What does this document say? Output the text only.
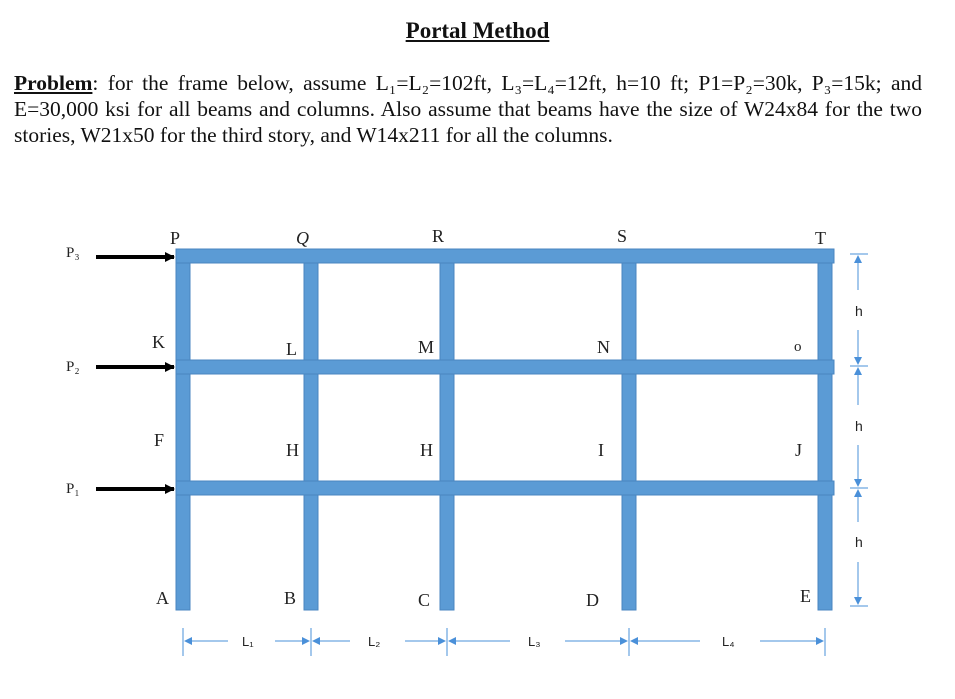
Portal Method
Problem: for the frame below, assume L₁=L₂=102ft, L₃=L₄=12ft, h=10 ft; P1=P₂=30k, P₃=15k; and E=30,000 ksi for all beams and columns. Also assume that beams have the size of W24x84 for the two stories, W21x50 for the third story, and W14x211 for all the columns.
P₃
P₂
P₁
P	Q	R	S	T
K	L	M	N	o
F	H	H	I	J
A	B	C	D	E
L₁	L₂	L₃	L₄
h
h
h
